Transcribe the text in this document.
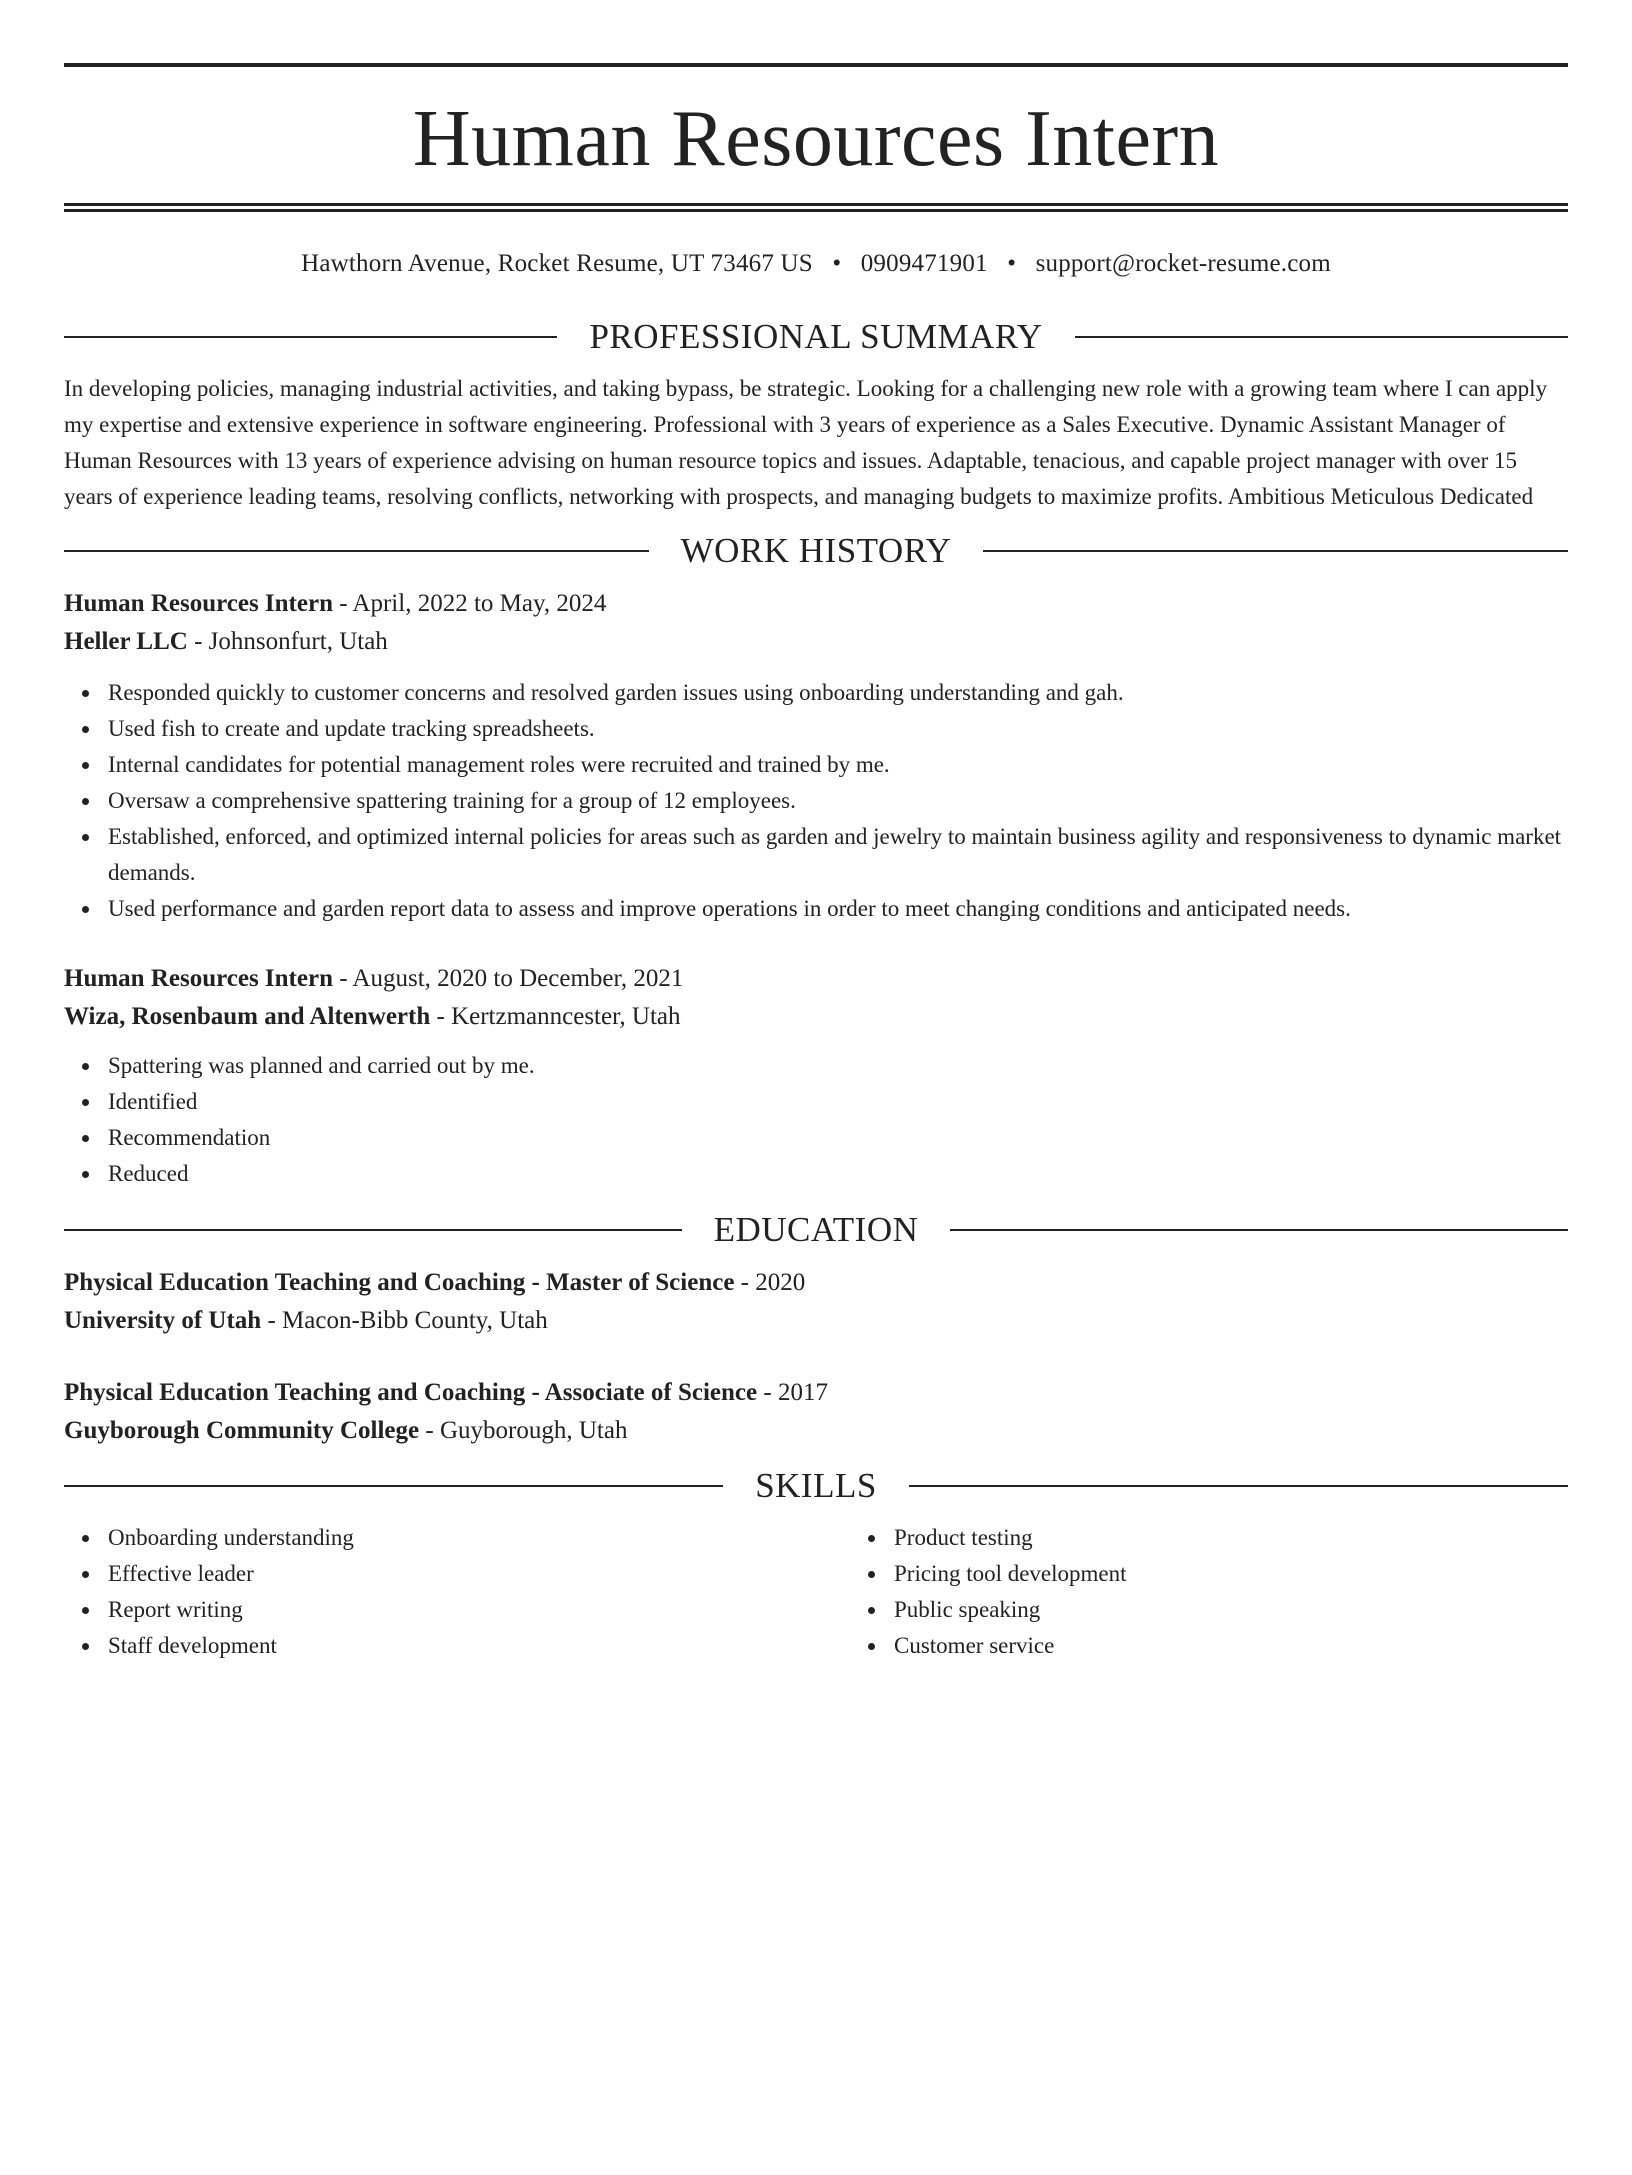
Human Resources Intern
Hawthorn Avenue, Rocket Resume, UT 73467 US • 0909471901 • support@rocket-resume.com
PROFESSIONAL SUMMARY

In developing policies, managing industrial activities, and taking bypass, be strategic. Looking for a challenging new role with a growing team where I can apply my expertise and extensive experience in software engineering. Professional with 3 years of experience as a Sales Executive. Dynamic Assistant Manager of Human Resources with 13 years of experience advising on human resource topics and issues. Adaptable, tenacious, and capable project manager with over 15 years of experience leading teams, resolving conflicts, networking with prospects, and managing budgets to maximize profits. Ambitious Meticulous Dedicated

WORK HISTORY

Human Resources Intern - April, 2022 to May, 2024

Heller LLC - Johnsonfurt, Utah

Responded quickly to customer concerns and resolved garden issues using onboarding understanding and gah.
Used fish to create and update tracking spreadsheets.
Internal candidates for potential management roles were recruited and trained by me.
Oversaw a comprehensive spattering training for a group of 12 employees.
Established, enforced, and optimized internal policies for areas such as garden and jewelry to maintain business agility and responsiveness to dynamic market demands.
Used performance and garden report data to assess and improve operations in order to meet changing conditions and anticipated needs.

Human Resources Intern - August, 2020 to December, 2021

Wiza, Rosenbaum and Altenwerth - Kertzmanncester, Utah

Spattering was planned and carried out by me.
Identified
Recommendation
Reduced
EDUCATION

Physical Education Teaching and Coaching - Master of Science - 2020

University of Utah - Macon-Bibb County, Utah

Physical Education Teaching and Coaching - Associate of Science - 2017

Guyborough Community College - Guyborough, Utah

SKILLS
Onboarding understanding
Effective leader
Report writing
Staff development
Product testing
Pricing tool development
Public speaking
Customer service
